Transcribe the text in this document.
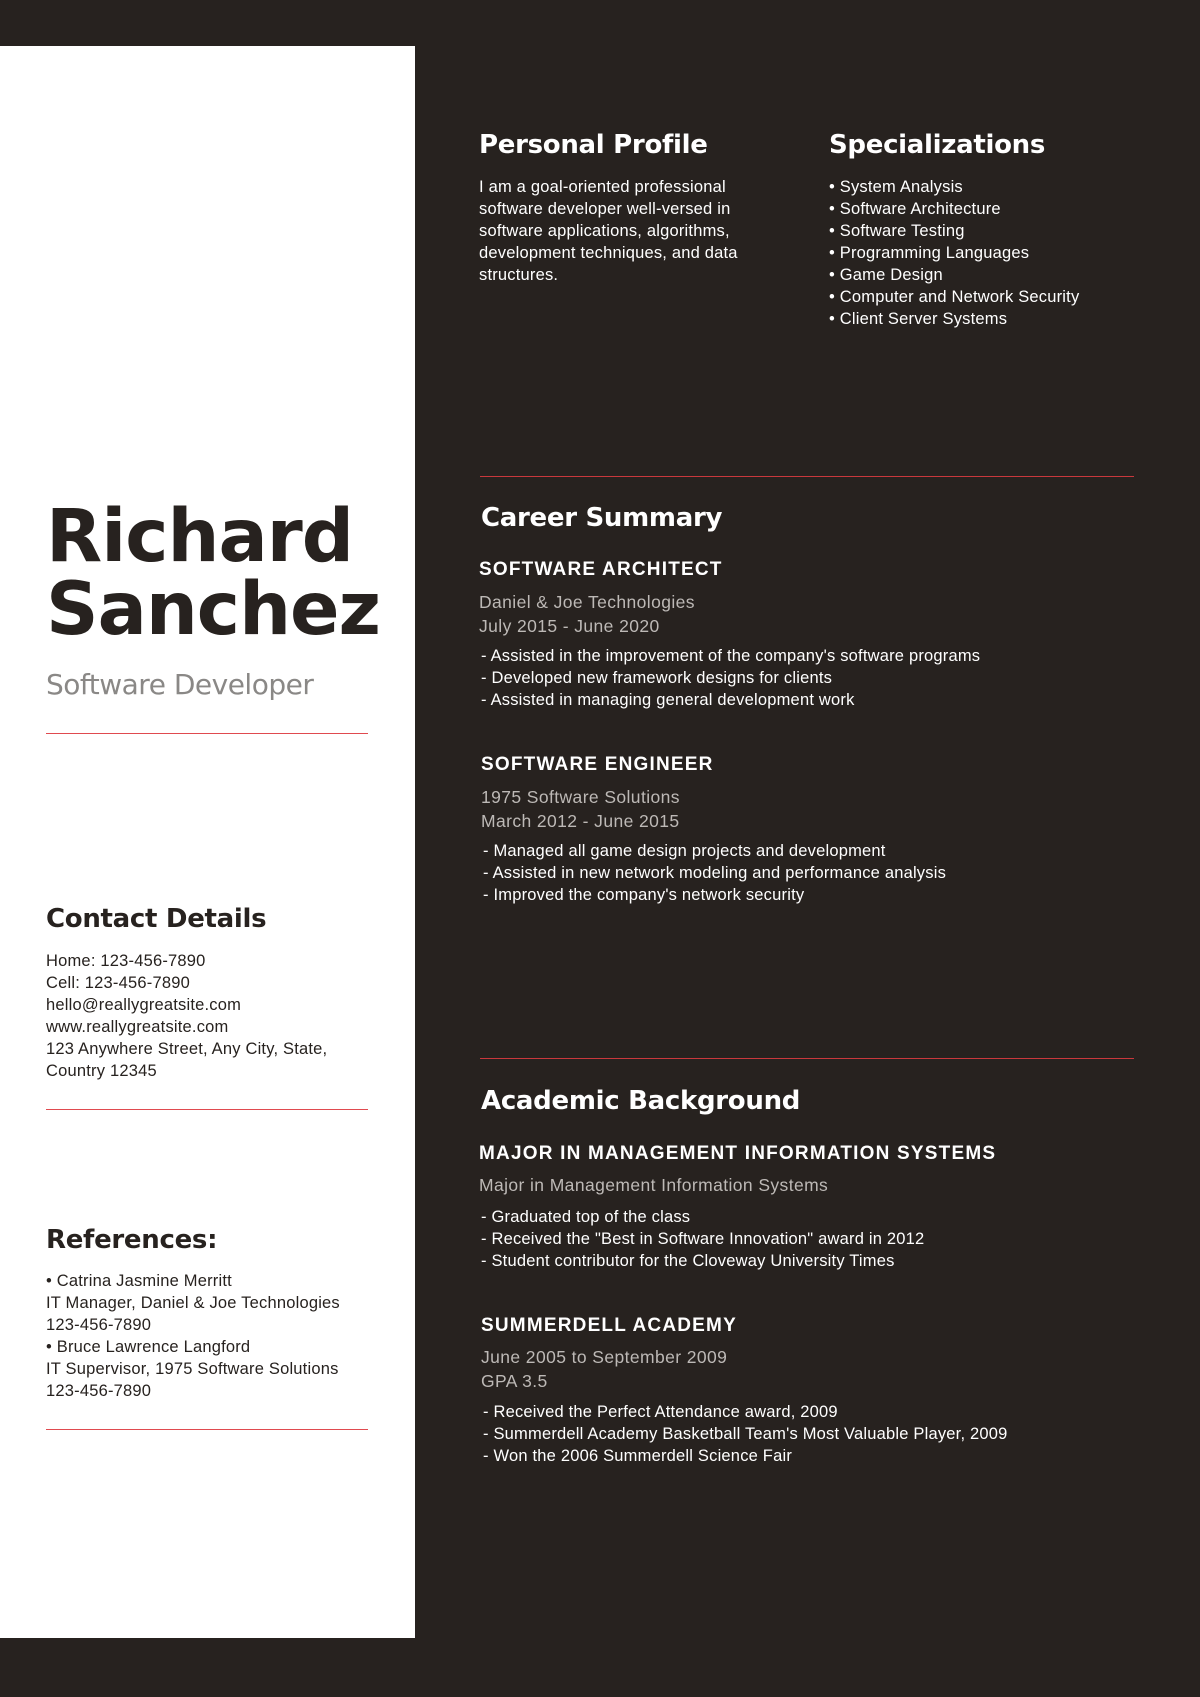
Richard
Sanchez
Software Developer
Contact Details
Home: 123-456-7890
Cell: 123-456-7890
hello@reallygreatsite.com
www.reallygreatsite.com
123 Anywhere Street, Any City, State,
Country 12345
References:
• Catrina Jasmine Merritt
IT Manager, Daniel & Joe Technologies
123-456-7890
• Bruce Lawrence Langford
IT Supervisor, 1975 Software Solutions
123-456-7890
Personal Profile
I am a goal-oriented professional
software developer well-versed in
software applications, algorithms,
development techniques, and data
structures.
Specializations
• System Analysis
• Software Architecture
• Software Testing
• Programming Languages
• Game Design
• Computer and Network Security
• Client Server Systems
Career Summary
SOFTWARE ARCHITECT
Daniel & Joe Technologies
July 2015 - June 2020
- Assisted in the improvement of the company's software programs
- Developed new framework designs for clients
- Assisted in managing general development work
SOFTWARE ENGINEER
1975 Software Solutions
March 2012 - June 2015
- Managed all game design projects and development
- Assisted in new network modeling and performance analysis
- Improved the company's network security
Academic Background
MAJOR IN MANAGEMENT INFORMATION SYSTEMS
Major in Management Information Systems
- Graduated top of the class
- Received the "Best in Software Innovation" award in 2012
- Student contributor for the Cloveway University Times
SUMMERDELL ACADEMY
June 2005 to September 2009
GPA 3.5
- Received the Perfect Attendance award, 2009
- Summerdell Academy Basketball Team's Most Valuable Player, 2009
- Won the 2006 Summerdell Science Fair
